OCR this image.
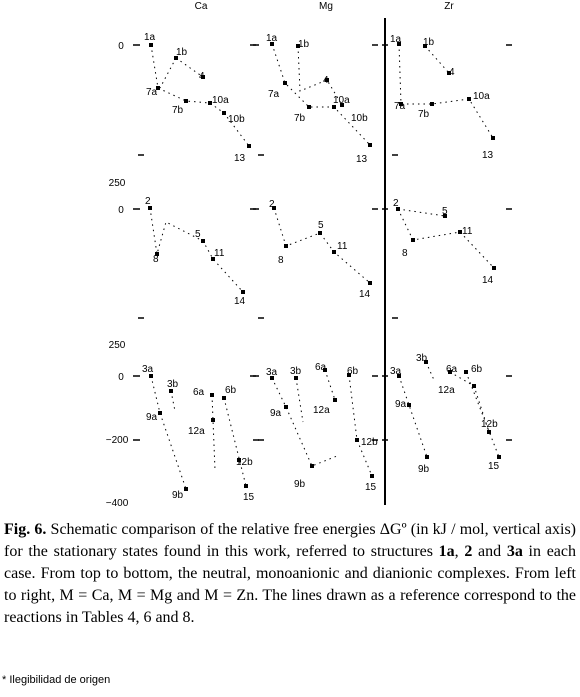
Ca	Mg	Zr
0
250
0
250
0
−200
−400
1a
1b
4
7a
7b
10a
10b
13
1a
1b
4
7a
7b
10a
10b
13
1a 1b
4
7a
7b
10a
13
2
5
8
11
14
2
5
8
11
14
2
5
8
11
14
3a
3b
6a 6b
9a
9b
12a
12b
15
3a 3b 6a 6b
9a
9b
12a
12b
15
3a
3b
6a 6b
9a
9b
12a
12b
15
Fig. 6. Schematic comparison of the relative free energies ΔGº (in kJ / mol, vertical axis) for the stationary states found in this work, referred to structures 1a, 2 and 3a in each case. From top to bottom, the neutral, monoanionic and dianionic complexes. From left to right, M = Ca, M = Mg and M = Zn. The lines drawn as a reference correspond to the reactions in Tables 4, 6 and 8.
* Ilegibilidad de origen
